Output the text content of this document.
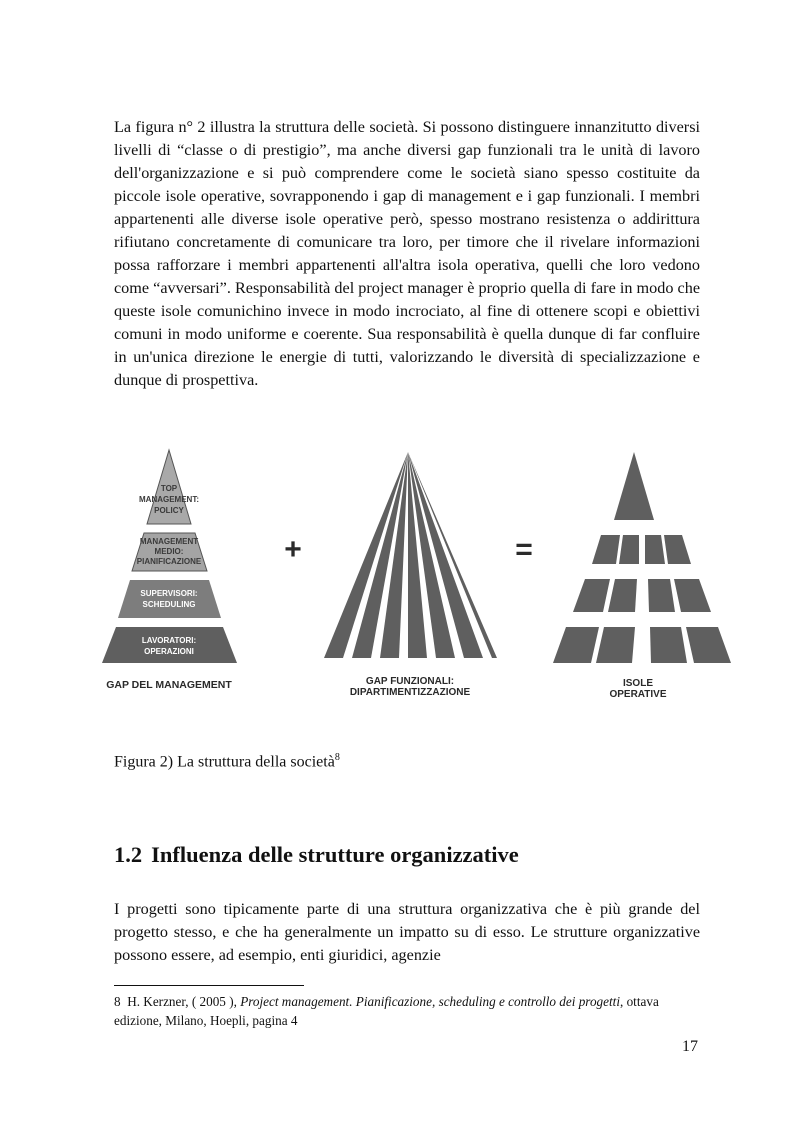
La figura n° 2 illustra la struttura delle società. Si possono distinguere innanzitutto diversi livelli di “classe o di prestigio”, ma anche diversi gap funzionali tra le unità di lavoro dell'organizzazione e si può comprendere come le società siano spesso costituite da piccole isole operative, sovrapponendo i gap di management e i gap funzionali. I membri appartenenti alle diverse isole operative però, spesso mostrano resistenza o addirittura rifiutano concretamente di comunicare tra loro, per timore che il rivelare informazioni possa rafforzare i membri appartenenti all'altra isola operativa, quelli che loro vedono come “avversari”. Responsabilità del project manager è proprio quella di fare in modo che queste isole comunichino invece in modo incrociato, al fine di ottenere scopi e obiettivi comuni in modo uniforme e coerente. Sua responsabilità è quella dunque di far confluire in un'unica direzione le energie di tutti, valorizzando le diversità di specializzazione e dunque di prospettiva.

TOP
MANAGEMENT:
POLICY
MANAGEMENT
MEDIO:
PIANIFICAZIONE
SUPERVISORI:
SCHEDULING
LAVORATORI:
OPERAZIONI
GAP DEL MANAGEMENT
+
GAP FUNZIONALI:
DIPARTIMENTIZZAZIONE
=
ISOLE
OPERATIVE

Figura 2) La struttura della società$^8$

1.2 Influenza delle strutture organizzative

I progetti sono tipicamente parte di una struttura organizzativa che è più grande del progetto stesso, e che ha generalmente un impatto su di esso. Le strutture organizzative possono essere, ad esempio, enti giuridici, agenzie

8 H. Kerzner, ( 2005 ), Project management. Pianificazione, scheduling e controllo dei progetti, ottava edizione, Milano, Hoepli, pagina 4

17
